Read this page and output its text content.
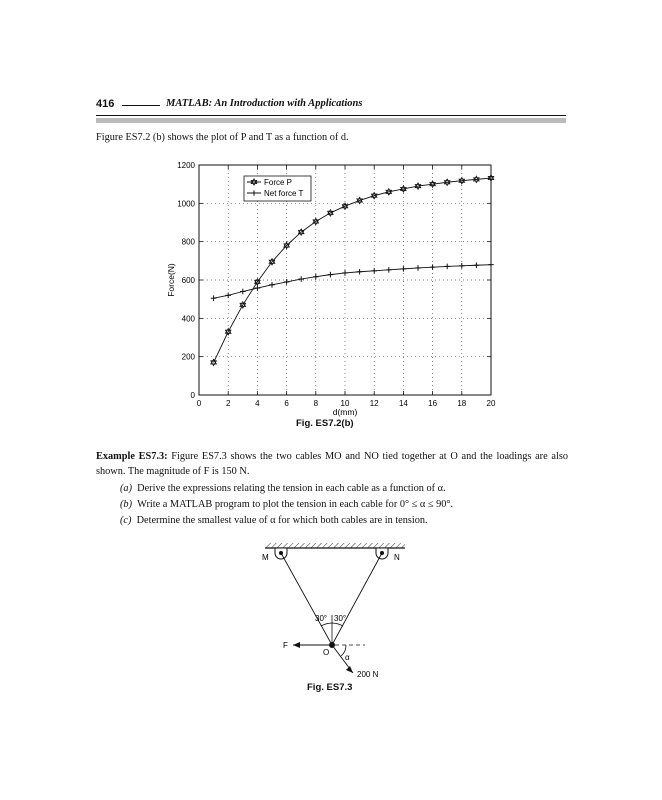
416	MATLAB: An Introduction with Applications
Figure ES7.2 (b) shows the plot of P and T as a function of d.
0	2	4	6	8	10	12	14	16	18	20
0
200
400
600
800
1000
1200
Force P
Net force T
d(mm)
Force(N)
Fig. ES7.2(b)
Example ES7.3: Figure ES7.3 shows the two cables MO and NO tied together at O and the loadings are also shown. The magnitude of F is 150 N.
(a) Derive the expressions relating the tension in each cable as a function of α.
(b) Write a MATLAB program to plot the tension in each cable for 0° ≤ α ≤ 90°.
(c) Determine the smallest value of α for which both cables are in tension.
30° 30°
M	N
O
F
α
200 N
Fig. ES7.3
